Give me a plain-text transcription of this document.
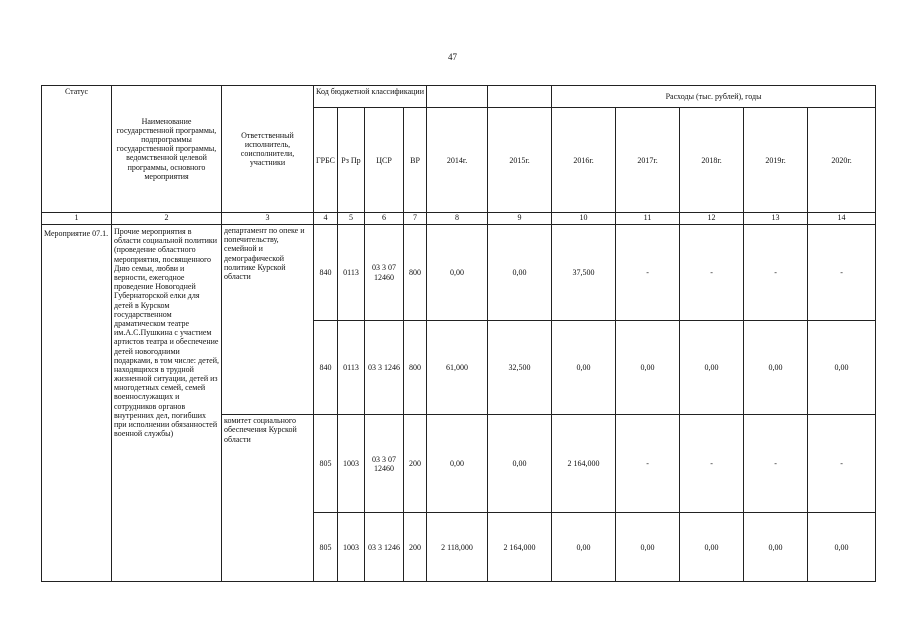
47
Статус	Наименование государственной программы, подпрограммы государственной программы, ведомственной целевой программы, основного мероприятия	Ответственный исполнитель, соисполнители, участники	Код бюджетной классификации						Расходы (тыс. рублей), годы					
			ГРБС	Рз Пр	ЦСР	ВР	2014г.	2015г.	2016г.	2017г.	2018г.	2019г.	2020г.	
1	2	3	4	5	6	7	8	9	10	11	12	13	14	
Мероприятие 07.1.	Прочие мероприятия в области социальной политики (проведение областного мероприятия, посвященного Дню семьи, любви и верности, ежегодное проведение Новогодней Губернаторской елки для детей в Курском государственном драматическом театре им.А.С.Пушкина с участием артистов театра и обеспечение детей новогодними подарками, в том числе: детей, находящихся в трудной жизненной ситуации, детей из многодетных семей, семей военнослужащих и сотрудников органов внутренних дел, погибших при исполнении обязанностей военной службы)	департамент по опеке и попечительству, семейной и демографической политике Курской области	840	0113	03 3 07 12460	800	0,00	0,00	37,500	-	-	-	-	
			840	0113	03 3 1246	800	61,000	32,500	0,00	0,00	0,00	0,00	0,00	
		комитет социального обеспечения Курской области	805	1003	03 3 07 12460	200	0,00	0,00	2 164,000	-	-	-	-	
			805	1003	03 3 1246	200	2 118,000	2 164,000	0,00	0,00	0,00	0,00	0,00	
